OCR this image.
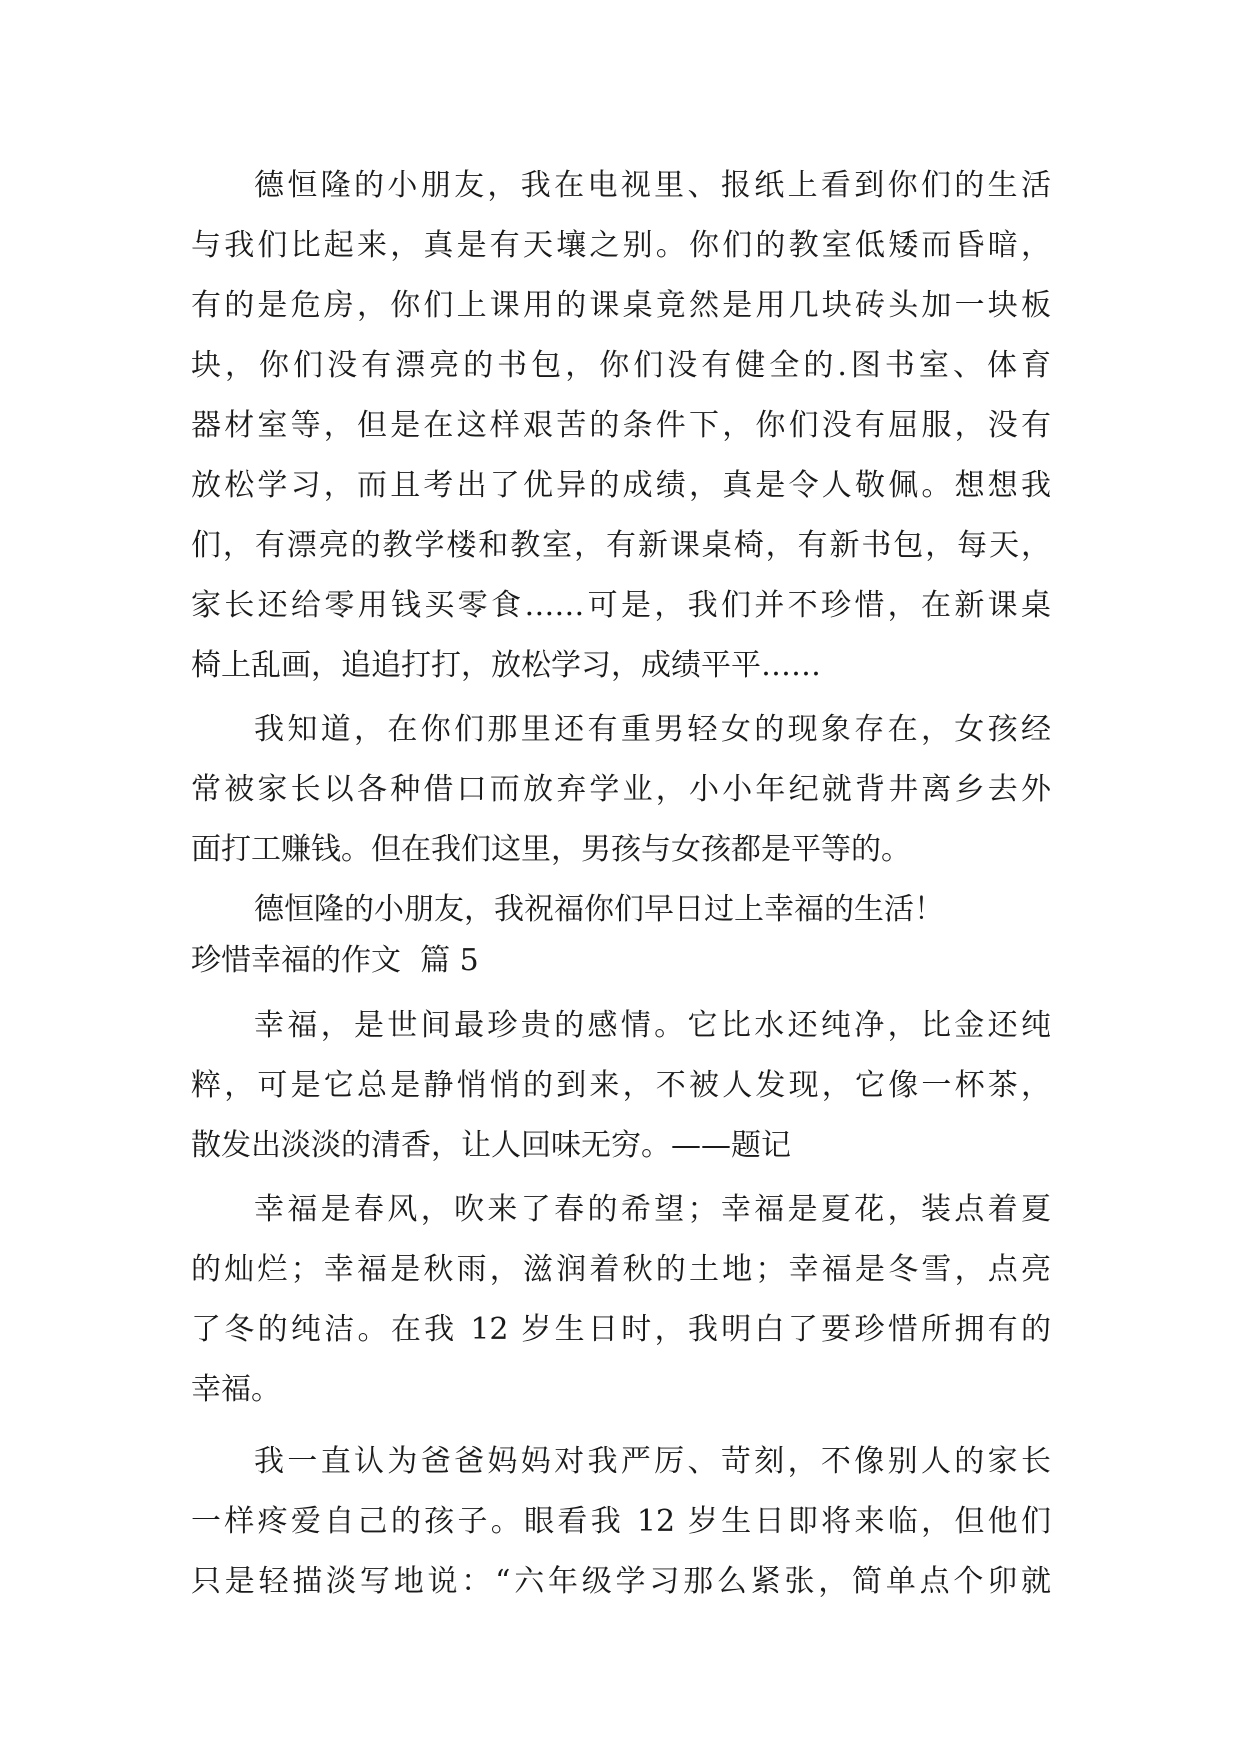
德恒隆的小朋友，我在电视里、报纸上看到你们的生活
与我们比起来，真是有天壤之别。你们的教室低矮而昏暗，
有的是危房，你们上课用的课桌竟然是用几块砖头加一块板
块，你们没有漂亮的书包，你们没有健全的.图书室、体育
器材室等，但是在这样艰苦的条件下，你们没有屈服，没有
放松学习，而且考出了优异的成绩，真是令人敬佩。想想我
们，有漂亮的教学楼和教室，有新课桌椅，有新书包，每天，
家长还给零用钱买零食……可是，我们并不珍惜，在新课桌
椅上乱画，追追打打，放松学习，成绩平平……
我知道，在你们那里还有重男轻女的现象存在，女孩经
常被家长以各种借口而放弃学业，小小年纪就背井离乡去外
面打工赚钱。但在我们这里，男孩与女孩都是平等的。
德恒隆的小朋友，我祝福你们早日过上幸福的生活！
珍惜幸福的作文  篇 5
幸福，是世间最珍贵的感情。它比水还纯净，比金还纯
粹，可是它总是静悄悄的到来，不被人发现，它像一杯茶，
散发出淡淡的清香，让人回味无穷。——题记
幸福是春风，吹来了春的希望；幸福是夏花，装点着夏
的灿烂；幸福是秋雨，滋润着秋的土地；幸福是冬雪，点亮
了冬的纯洁。在我 12 岁生日时，我明白了要珍惜所拥有的
幸福。
我一直认为爸爸妈妈对我严厉、苛刻，不像别人的家长
一样疼爱自己的孩子。眼看我 12 岁生日即将来临，但他们
只是轻描淡写地说：“六年级学习那么紧张，简单点个卯就
